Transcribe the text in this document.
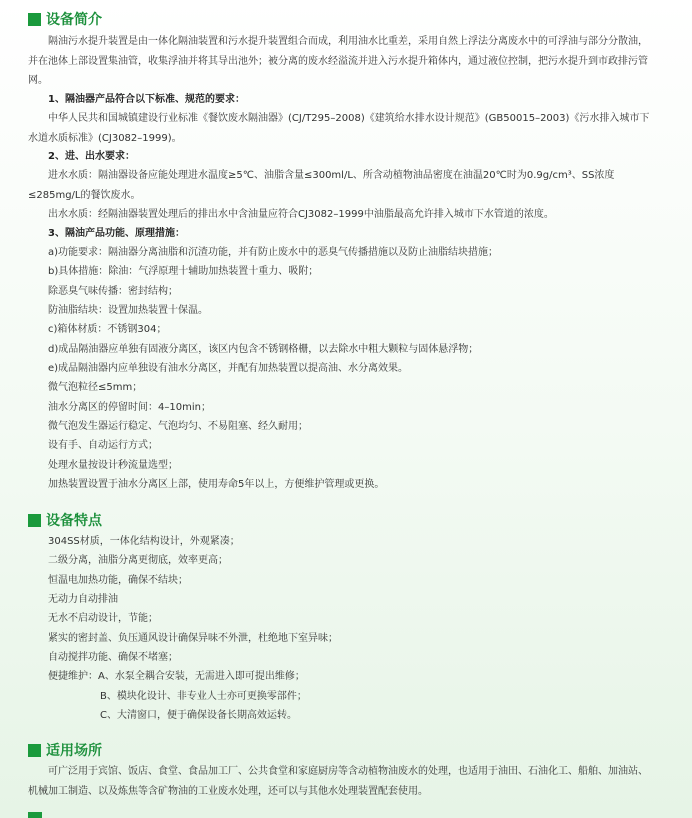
设备简介
隔油污水提升装置是由一体化隔油装置和污水提升装置组合而成，利用油水比重差，采用自然上浮法分离废水中的可浮油与部分分散油，并在池体上部设置集油管，收集浮油并将其导出池外；被分离的废水经溢流并进入污水提升箱体内，通过液位控制，把污水提升到市政排污管网。
1、隔油器产品符合以下标准、规范的要求：
中华人民共和国城镇建设行业标准《餐饮废水隔油器》(CJ/T295–2008)《建筑给水排水设计规范》(GB50015–2003)《污水排入城市下水道水质标准》(CJ3082–1999)。
2、进、出水要求：
进水水质：隔油器设备应能处理进水温度≥5℃、油脂含量≤300ml/L、所含动植物油品密度在油温20℃时为0.9g/cm³、SS浓度≤285mg/L的餐饮废水。
出水水质：经隔油器装置处理后的排出水中含油量应符合CJ3082–1999中油脂最高允许排入城市下水管道的浓度。
3、隔油产品功能、原理措施：
a)功能要求：隔油器分离油脂和沉渣功能，并有防止废水中的恶臭气传播措施以及防止油脂结块措施；
b)具体措施：除油：气浮原理十辅助加热装置十重力、吸附；
除恶臭气味传播：密封结构；
防油脂结块：设置加热装置十保温。
c)箱体材质：不锈钢304；
d)成品隔油器应单独有固液分离区，该区内包含不锈钢格栅，以去除水中粗大颗粒与固体悬浮物；
e)成品隔油器内应单独设有油水分离区，并配有加热装置以提高油、水分离效果。
微气泡粒径≤5mm；
油水分离区的停留时间：4–10min；
微气泡发生器运行稳定、气泡均匀、不易阻塞、经久耐用；
设有手、自动运行方式；
处理水量按设计秒流量选型；
加热装置设置于油水分离区上部，使用寿命5年以上，方便维护管理或更换。
设备特点
304SS材质，一体化结构设计，外观紧凑；
二级分离，油脂分离更彻底，效率更高；
恒温电加热功能，确保不结块；
无动力自动排油
无水不启动设计，节能；
紧实的密封盖、负压通风设计确保异味不外泄，杜绝地下室异味；
自动搅拌功能、确保不堵塞；
便捷维护：A、水泵全耦合安装，无需进入即可提出维修；
B、模块化设计、非专业人士亦可更换零部件；
C、大清窗口，便于确保设备长期高效运转。
适用场所
可广泛用于宾馆、饭店、食堂、食品加工厂、公共食堂和家庭厨房等含动植物油废水的处理，也适用于油田、石油化工、船舶、加油站、机械加工制造、以及炼焦等含矿物油的工业废水处理，还可以与其他水处理装置配套使用。
